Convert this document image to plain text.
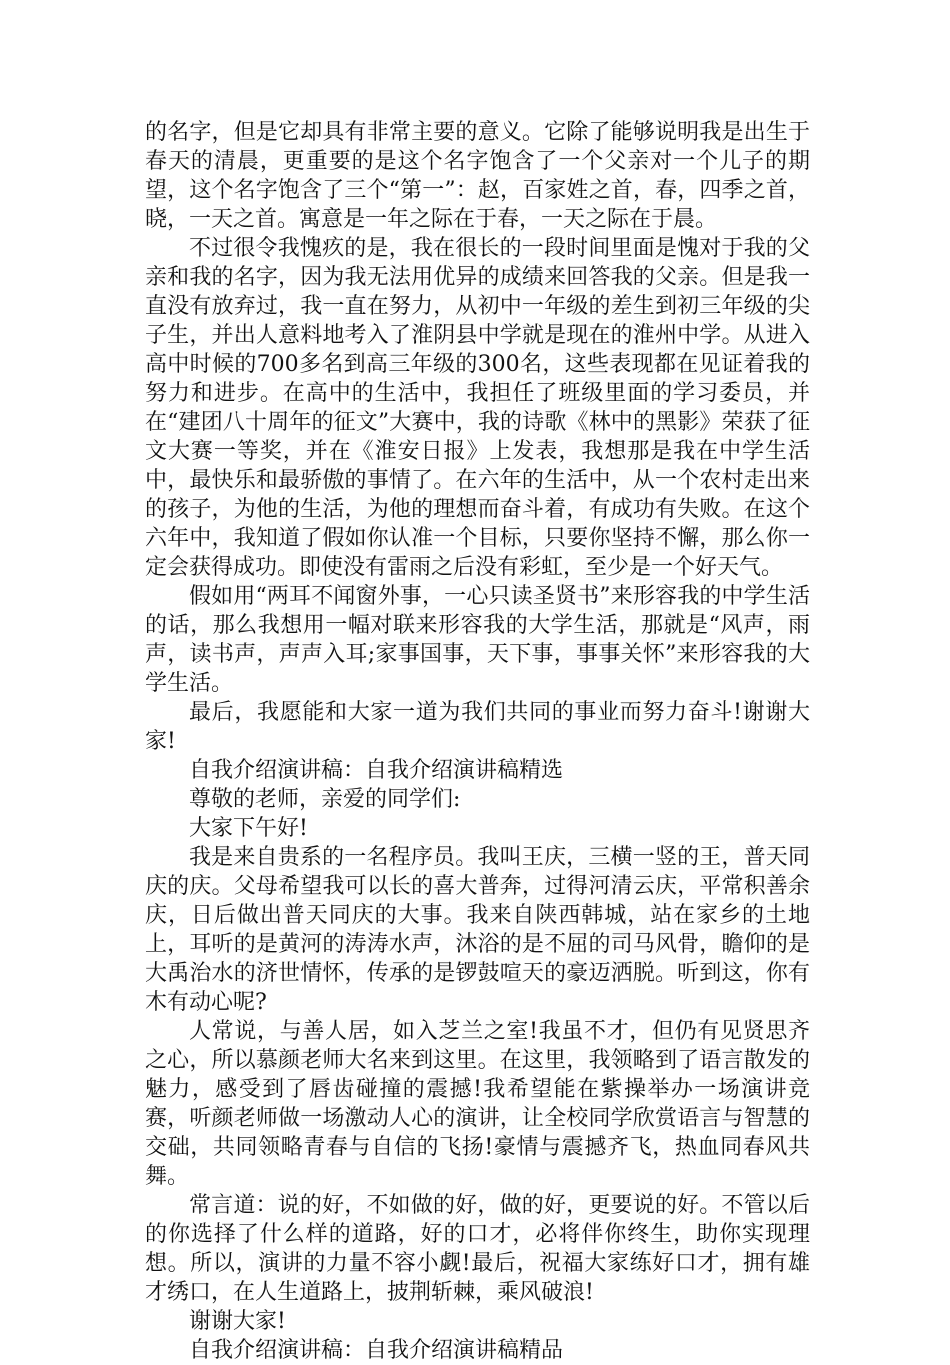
的名字，但是它却具有非常主要的意义。它除了能够说明我是出生于春天的清晨，更重要的是这个名字饱含了一个父亲对一个儿子的期望，这个名字饱含了三个“第一”：赵，百家姓之首，春，四季之首，晓，一天之首。寓意是一年之际在于春，一天之际在于晨。

不过很令我愧疚的是，我在很长的一段时间里面是愧对于我的父亲和我的名字，因为我无法用优异的成绩来回答我的父亲。但是我一直没有放弃过，我一直在努力，从初中一年级的差生到初三年级的尖子生，并出人意料地考入了淮阴县中学就是现在的淮州中学。从进入高中时候的700多名到高三年级的300名，这些表现都在见证着我的努力和进步。在高中的生活中，我担任了班级里面的学习委员，并在“建团八十周年的征文”大赛中，我的诗歌《林中的黑影》荣获了征文大赛一等奖，并在《淮安日报》上发表，我想那是我在中学生活中，最快乐和最骄傲的事情了。在六年的生活中，从一个农村走出来的孩子，为他的生活，为他的理想而奋斗着，有成功有失败。在这个六年中，我知道了假如你认准一个目标，只要你坚持不懈，那么你一定会获得成功。即使没有雷雨之后没有彩虹，至少是一个好天气。

假如用“两耳不闻窗外事，一心只读圣贤书”来形容我的中学生活的话，那么我想用一幅对联来形容我的大学生活，那就是“风声，雨声，读书声，声声入耳;家事国事，天下事，事事关怀”来形容我的大学生活。

最后，我愿能和大家一道为我们共同的事业而努力奋斗!谢谢大家!

自我介绍演讲稿：自我介绍演讲稿精选

尊敬的老师，亲爱的同学们:

大家下午好!

我是来自贵系的一名程序员。我叫王庆，三横一竖的王，普天同庆的庆。父母希望我可以长的喜大普奔，过得河清云庆，平常积善余庆，日后做出普天同庆的大事。我来自陕西韩城，站在家乡的土地上，耳听的是黄河的涛涛水声，沐浴的是不屈的司马风骨，瞻仰的是大禹治水的济世情怀，传承的是锣鼓喧天的豪迈洒脱。听到这，你有木有动心呢?

人常说，与善人居，如入芝兰之室!我虽不才，但仍有见贤思齐之心，所以慕颜老师大名来到这里。在这里，我领略到了语言散发的魅力，感受到了唇齿碰撞的震撼!我希望能在紫操举办一场演讲竞赛，听颜老师做一场激动人心的演讲，让全校同学欣赏语言与智慧的交础，共同领略青春与自信的飞扬!豪情与震撼齐飞，热血同春风共舞。

常言道：说的好，不如做的好，做的好，更要说的好。不管以后的你选择了什么样的道路，好的口才，必将伴你终生，助你实现理想。所以，演讲的力量不容小觑!最后，祝福大家练好口才，拥有雄才绣口，在人生道路上，披荆斩棘，乘风破浪!

谢谢大家!

自我介绍演讲稿：自我介绍演讲稿精品
